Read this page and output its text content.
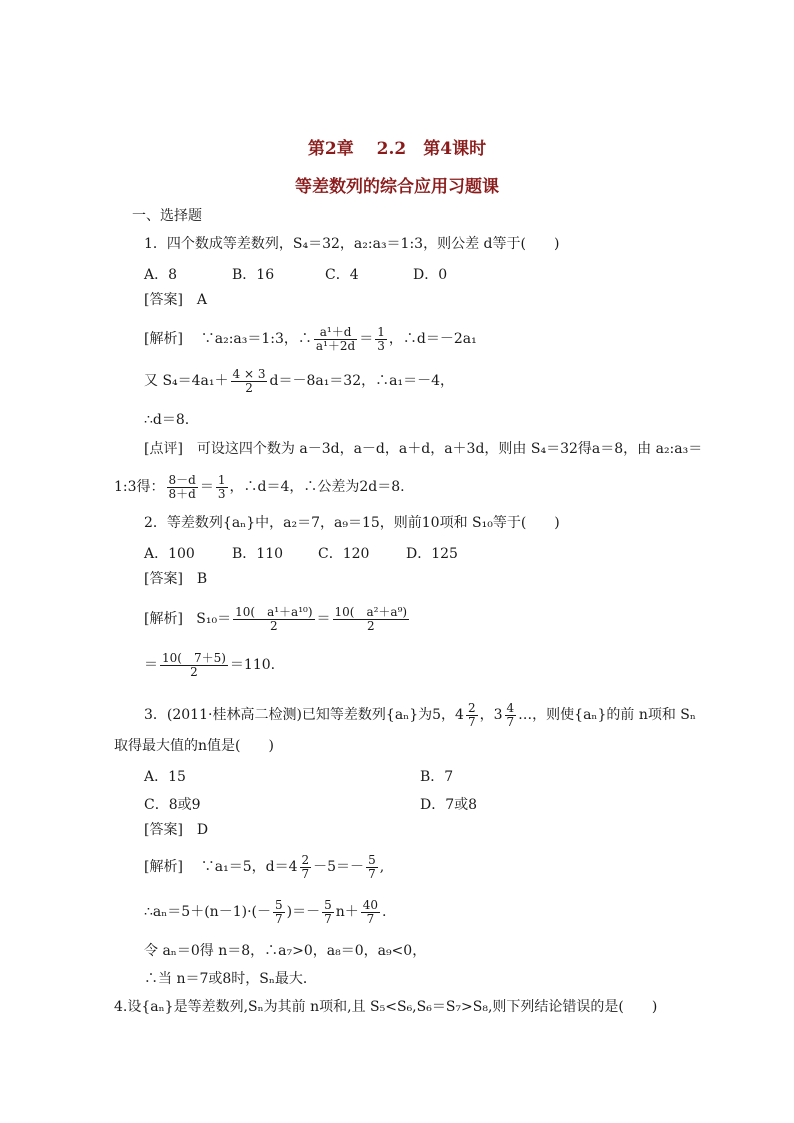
第2章　 2.2　第4课时
等差数列的综合应用习题课
一、选择题
1．四个数成等差数列，S₄＝32，a₂:a₃＝1:3，则公差 d等于(　　)
A．8	B．16	C．4	D．0
[答案]　A
[解析] ∵a₂:a₃＝1:3，∴ $\frac{\text{a¹＋d}}{\text{a¹＋2d}} = \frac{1}{3}$ ，∴d＝－2a₁
又 $S_4=4a_1+ \frac{4 \times 3}{2} d=-8a_1=32$，∴a₁＝－4，
∴d＝8.
[点评]　可设这四个数为 a－3d，a－d，a＋d，a＋3d，则由 S₄＝32得a＝8，由 a₂:a₃＝
1:3得： $\frac{8-d}{8+d} = \frac{1}{3}$ ，∴d＝4，∴公差为2d＝8.
2．等差数列{aₙ}中，a₂＝7，a₉＝15，则前10项和 S₁₀等于(　　)
A．100	B．110 C．120	D．125
[答案]　B
[解析] $S_{10}= \frac{\text{10(　a¹＋a¹⁰)}}{2} = \frac{\text{10(　a²＋a⁹)}}{2}$
＝ $\frac{10( 7+5)}{2} =110$.
3．(2011·桂林高二检测)已知等差数列{aₙ}为5，$4 \frac{2}{7}$ ，$3 \frac{4}{7}$ …，则使{aₙ}的前 n项和 Sₙ
取得最大值的n值是(　　)
A．15	B．7
C．8或9	D．7或8
[答案]　D
[解析] ∵a₁＝5，$d=4 \frac{2}{7} -5=- \frac{5}{7}$ ,
∴aₙ＝5＋(n－1)·(－ $\frac{5}{7}$ )＝－ $\frac{5}{7} n+ \frac{40}{7}$ .
令 aₙ＝0得 n＝8，∴a₇>0，a₈＝0，a₉<0，
∴当 n＝7或8时，Sₙ最大．
4.设{aₙ}是等差数列,Sₙ为其前 n项和,且 S₅<S₆,S₆＝S₇>S₈,则下列结论错误的是(　　)
